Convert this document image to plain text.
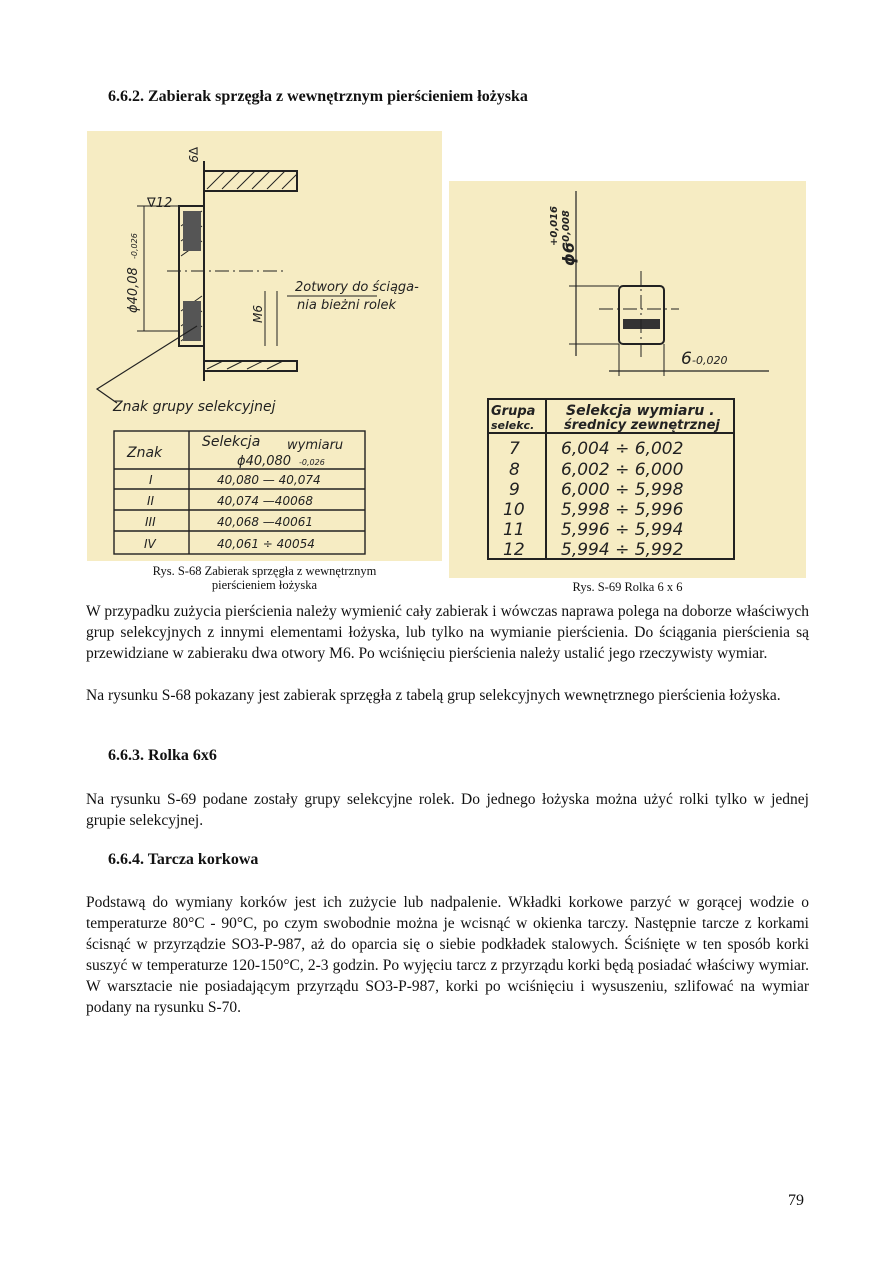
6.6.2. Zabierak sprzęgła z wewnętrznym pierścieniem łożyska
∇9
∇12
ϕ40,08
-0,026
M6
2otwory do ściąga-
nia bieżni rolek
Znak grupy selekcyjnej
Znak
Selekcja wymiaru
ϕ40,080 -0,026
I	40,080 — 40,074
II	40,074 —40068
III	40,068 —40061
IV	40,061 ÷ 40054
Rys. S-68 Zabierak sprzęgła z wewnętrznym
pierścieniem łożyska
ϕ6
+0,016 -0,008
6 -0,020
Grupa
selekc.
Selekcja wymiaru .
średnicy zewnętrznej
7 6,004 ÷ 6,002
8 6,002 ÷ 6,000
9 6,000 ÷ 5,998
10 5,998 ÷ 5,996
11 5,996 ÷ 5,994
12 5,994 ÷ 5,992
Rys. S-69 Rolka 6 x 6

W przypadku zużycia pierścienia należy wymienić cały zabierak i wówczas naprawa polega na doborze właściwych grup selekcyjnych z innymi elementami łożyska, lub tylko na wymianie pierścienia. Do ściągania pierścienia są przewidziane w zabieraku dwa otwory M6. Po wciśnięciu pierścienia należy ustalić jego rzeczywisty wymiar.

Na rysunku S-68 pokazany jest zabierak sprzęgła z tabelą grup selekcyjnych wewnętrznego pierścienia łożyska.

6.6.3. Rolka 6x6

Na rysunku S-69 podane zostały grupy selekcyjne rolek. Do jednego łożyska można użyć rolki tylko w jednej grupie selekcyjnej.

6.6.4. Tarcza korkowa

Podstawą do wymiany korków jest ich zużycie lub nadpalenie. Wkładki korkowe parzyć w gorącej wodzie o temperaturze 80°C - 90°C, po czym swobodnie można je wcisnąć w okienka tarczy. Następnie tarcze z korkami ścisnąć w przyrządzie SO3-P-987, aż do oparcia się o siebie podkładek stalowych. Ściśnięte w ten sposób korki suszyć w temperaturze 120-150°C, 2-3 godzin. Po wyjęciu tarcz z przyrządu korki będą posiadać właściwy wymiar. W warsztacie nie posiadającym przyrządu SO3-P-987, korki po wciśnięciu i wysuszeniu, szlifować na wymiar podany na rysunku S-70.

79
